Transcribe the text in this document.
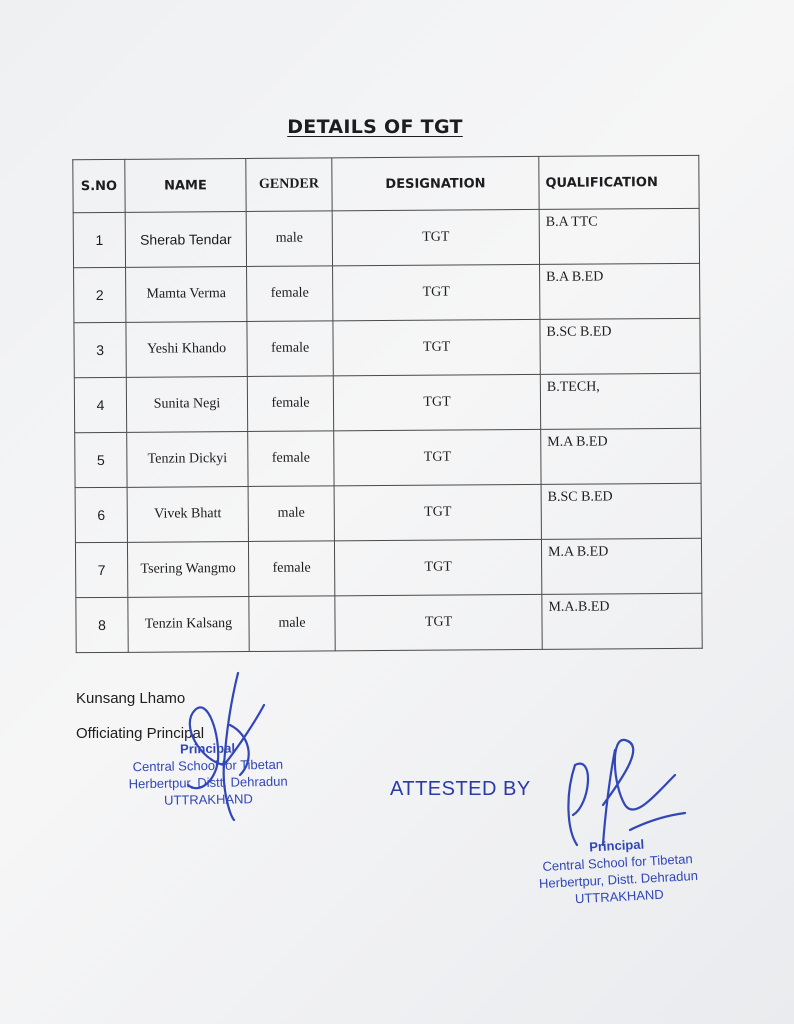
DETAILS OF TGT
S.NO	NAME	GENDER	DESIGNATION	QUALIFICATION
1	Sherab Tendar	male	TGT	B.A TTC
2	Mamta Verma	female	TGT	B.A B.ED
3	Yeshi Khando	female	TGT	B.SC B.ED
4	Sunita Negi	female	TGT	B.TECH,
5	Tenzin Dickyi	female	TGT	M.A B.ED
6	Vivek Bhatt	male	TGT	B.SC B.ED
7	Tsering Wangmo	female	TGT	M.A B.ED
8	Tenzin Kalsang	male	TGT	M.A.B.ED
Kunsang Lhamo
Officiating Principal
Principal
Central School for Tibetan
Herbertpur, Distt. Dehradun
UTTRAKHAND	ATTESTED BY
Principal
Central School for Tibetan
Herbertpur, Distt. Dehradun
UTTRAKHAND
